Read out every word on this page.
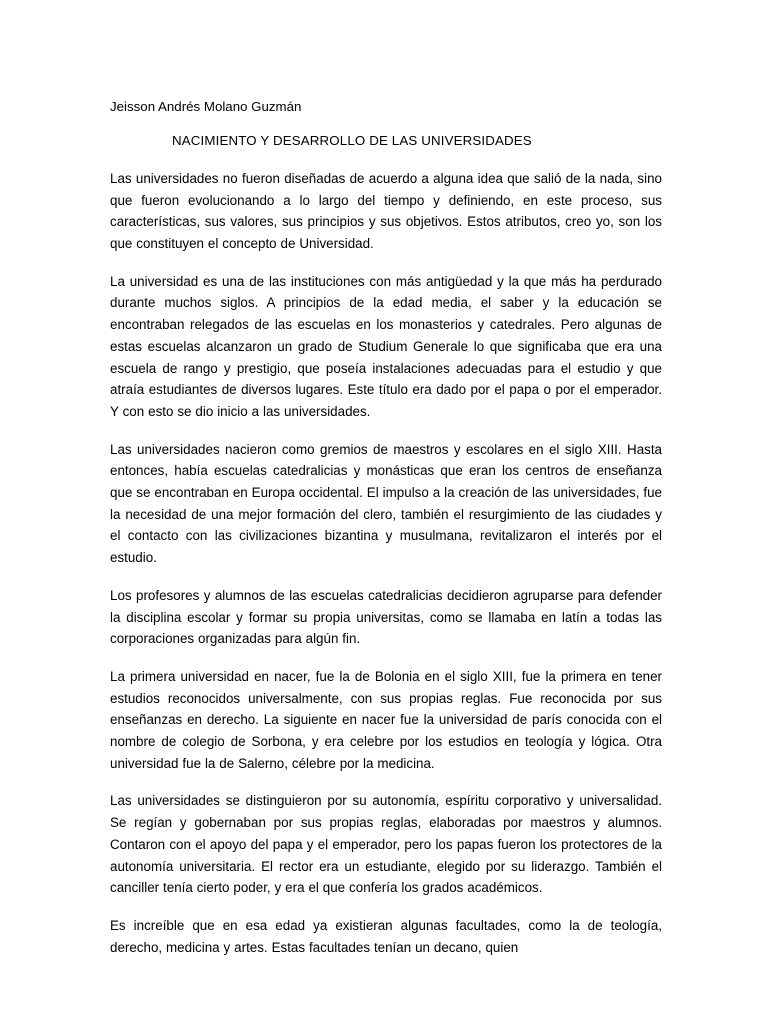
Jeisson Andrés Molano Guzmán
NACIMIENTO Y DESARROLLO DE LAS UNIVERSIDADES

Las universidades no fueron diseñadas de acuerdo a alguna idea que salió de la nada, sino que fueron evolucionando a lo largo del tiempo y definiendo, en este proceso, sus características, sus valores, sus principios y sus objetivos. Estos atributos, creo yo, son los que constituyen el concepto de Universidad.

La universidad es una de las instituciones con más antigüedad y la que más ha perdurado durante muchos siglos. A principios de la edad media, el saber y la educación se encontraban relegados de las escuelas en los monasterios y catedrales. Pero algunas de estas escuelas alcanzaron un grado de Studium Generale lo que significaba que era una escuela de rango y prestigio, que poseía instalaciones adecuadas para el estudio y que atraía estudiantes de diversos lugares. Este título era dado por el papa o por el emperador. Y con esto se dio inicio a las universidades.

Las universidades nacieron como gremios de maestros y escolares en el siglo XIII. Hasta entonces, había escuelas catedralicias y monásticas que eran los centros de enseñanza que se encontraban en Europa occidental. El impulso a la creación de las universidades, fue la necesidad de una mejor formación del clero, también el resurgimiento de las ciudades y el contacto con las civilizaciones bizantina y musulmana, revitalizaron el interés por el estudio.

Los profesores y alumnos de las escuelas catedralicias decidieron agruparse para defender la disciplina escolar y formar su propia universitas, como se llamaba en latín a todas las corporaciones organizadas para algún fin.

La primera universidad en nacer, fue la de Bolonia en el siglo XIII, fue la primera en tener estudios reconocidos universalmente, con sus propias reglas. Fue reconocida por sus enseñanzas en derecho. La siguiente en nacer fue la universidad de parís conocida con el nombre de colegio de Sorbona, y era celebre por los estudios en teología y lógica. Otra universidad fue la de Salerno, célebre por la medicina.

Las universidades se distinguieron por su autonomía, espíritu corporativo y universalidad. Se regían y gobernaban por sus propias reglas, elaboradas por maestros y alumnos. Contaron con el apoyo del papa y el emperador, pero los papas fueron los protectores de la autonomía universitaria. El rector era un estudiante, elegido por su liderazgo. También el canciller tenía cierto poder, y era el que confería los grados académicos.

Es increíble que en esa edad ya existieran algunas facultades, como la de teología, derecho, medicina y artes. Estas facultades tenían un decano, quien
